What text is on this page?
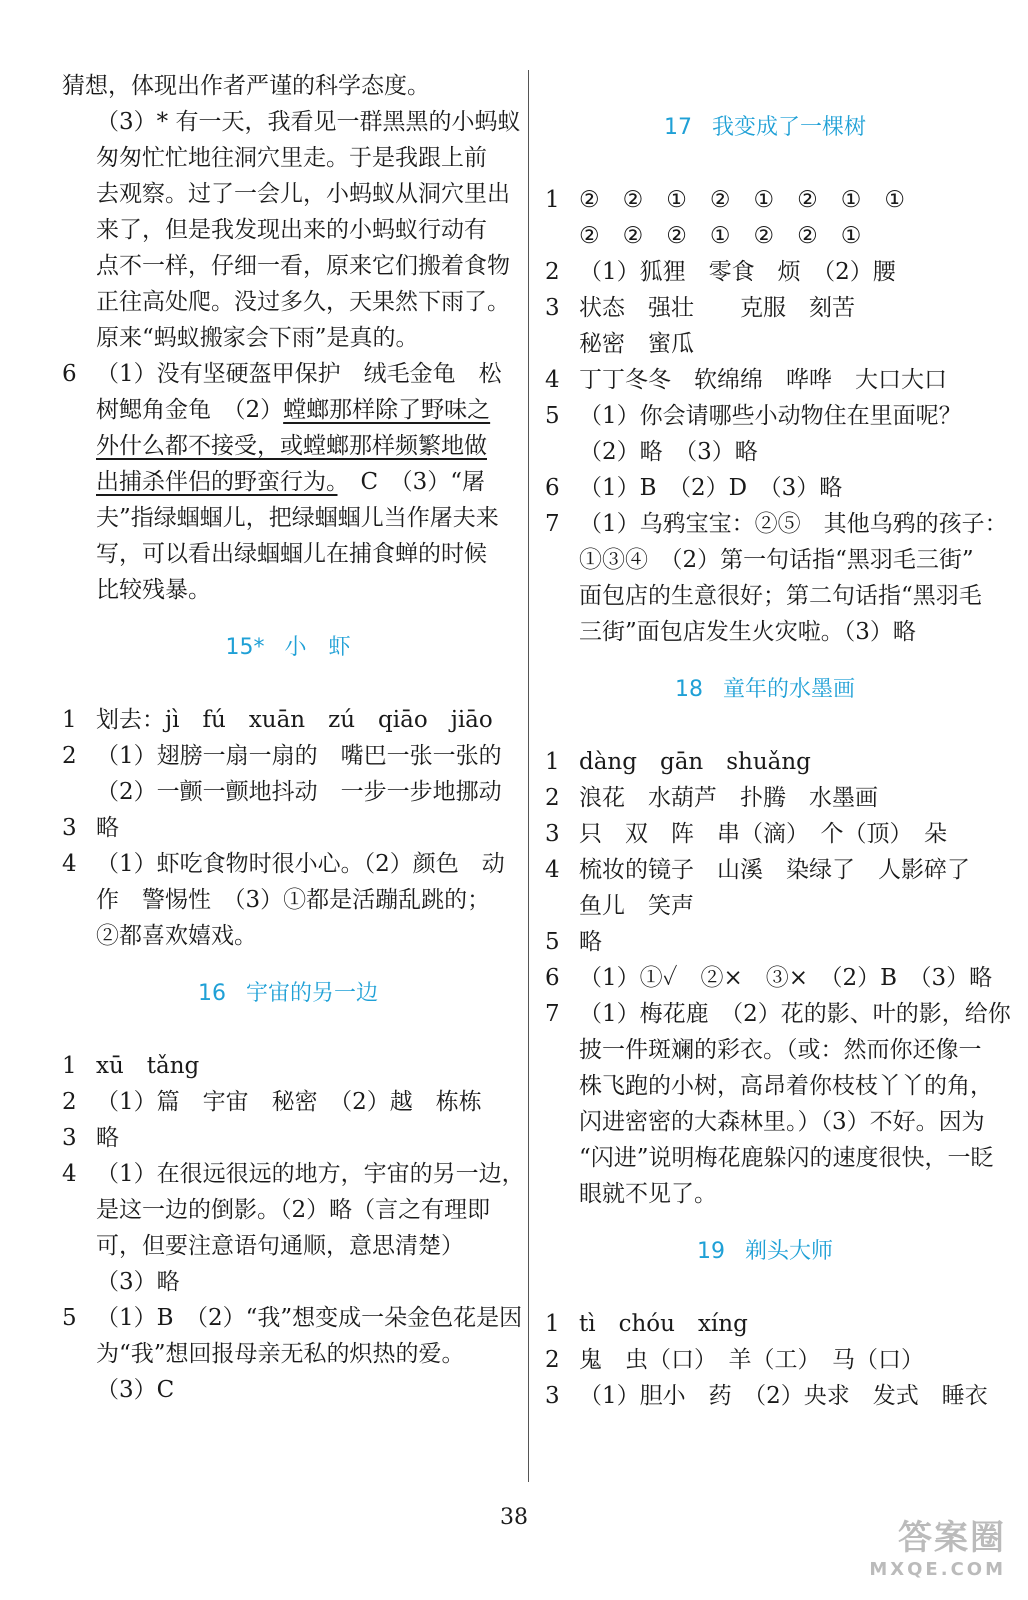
猜想，体现出作者严谨的科学态度。
（3）* 有一天，我看见一群黑黑的小蚂蚁
匆匆忙忙地往洞穴里走。于是我跟上前
去观察。过了一会儿，小蚂蚁从洞穴里出
来了，但是我发现出来的小蚂蚁行动有
点不一样，仔细一看，原来它们搬着食物
正往高处爬。没过多久，天果然下雨了。
原来“蚂蚁搬家会下雨”是真的。
6 （1）没有坚硬盔甲保护　绒毛金龟　松
树鳃角金龟　（2）螳螂那样除了野味之
外什么都不接受，或螳螂那样频繁地做
出捕杀伴侣的野蛮行为。　C　（3）“屠
夫”指绿蝈蝈儿，把绿蝈蝈儿当作屠夫来
写，可以看出绿蝈蝈儿在捕食蝉的时候
比较残暴。
15* 小　虾
1 划去：jì　fú　xuān　zú　qiāo　jiāo
2 （1）翅膀一扇一扇的　嘴巴一张一张的
（2）一颤一颤地抖动　一步一步地挪动
3 略
4 （1）虾吃食物时很小心。（2）颜色　动
作　警惕性　（3）①都是活蹦乱跳的；
②都喜欢嬉戏。
16 宇宙的另一边
1 xū　tǎng
2 （1）篇　宇宙　秘密　（2）越　栋栋
3 略
4 （1）在很远很远的地方，宇宙的另一边，
是这一边的倒影。（2）略（言之有理即
可，但要注意语句通顺，意思清楚）
（3）略
5 （1）B　（2）“我”想变成一朵金色花是因
为“我”想回报母亲无私的炽热的爱。
（3）C
17 我变成了一棵树
1 ②　②　①　②　①　②　①　①
②　②　②　①　②　②　①
2 （1）狐狸　零食　烦　（2）腰
3 状态　强壮　　克服　刻苦
秘密　蜜瓜
4 丁丁冬冬　软绵绵　哗哗　大口大口
5 （1）你会请哪些小动物住在里面呢？
（2）略　（3）略
6 （1）B　（2）D　（3）略
7 （1）乌鸦宝宝：②⑤　其他乌鸦的孩子：
①③④　（2）第一句话指“黑羽毛三街”
面包店的生意很好；第二句话指“黑羽毛
三街”面包店发生火灾啦。（3）略
18 童年的水墨画
1 dàng　gān　shuǎng
2 浪花　水葫芦　扑腾　水墨画
3 只　双　阵　串（滴）　个（顶）　朵
4 梳妆的镜子　山溪　染绿了　人影碎了
鱼儿　笑声
5 略
6 （1）①✓　②×　③×　（2）B　（3）略
7 （1）梅花鹿　（2）花的影、叶的影，给你
披一件斑斓的彩衣。（或：然而你还像一
株飞跑的小树，高昂着你枝枝丫丫的角，
闪进密密的大森林里。）（3）不好。因为
“闪进”说明梅花鹿躲闪的速度很快，一眨
眼就不见了。
19 剃头大师
1 tì　chóu　xíng
2 鬼　虫（口）　羊（工）　马（口）
3 （1）胆小　药　（2）央求　发式　睡衣
38
答案圈
MXQE.COM
